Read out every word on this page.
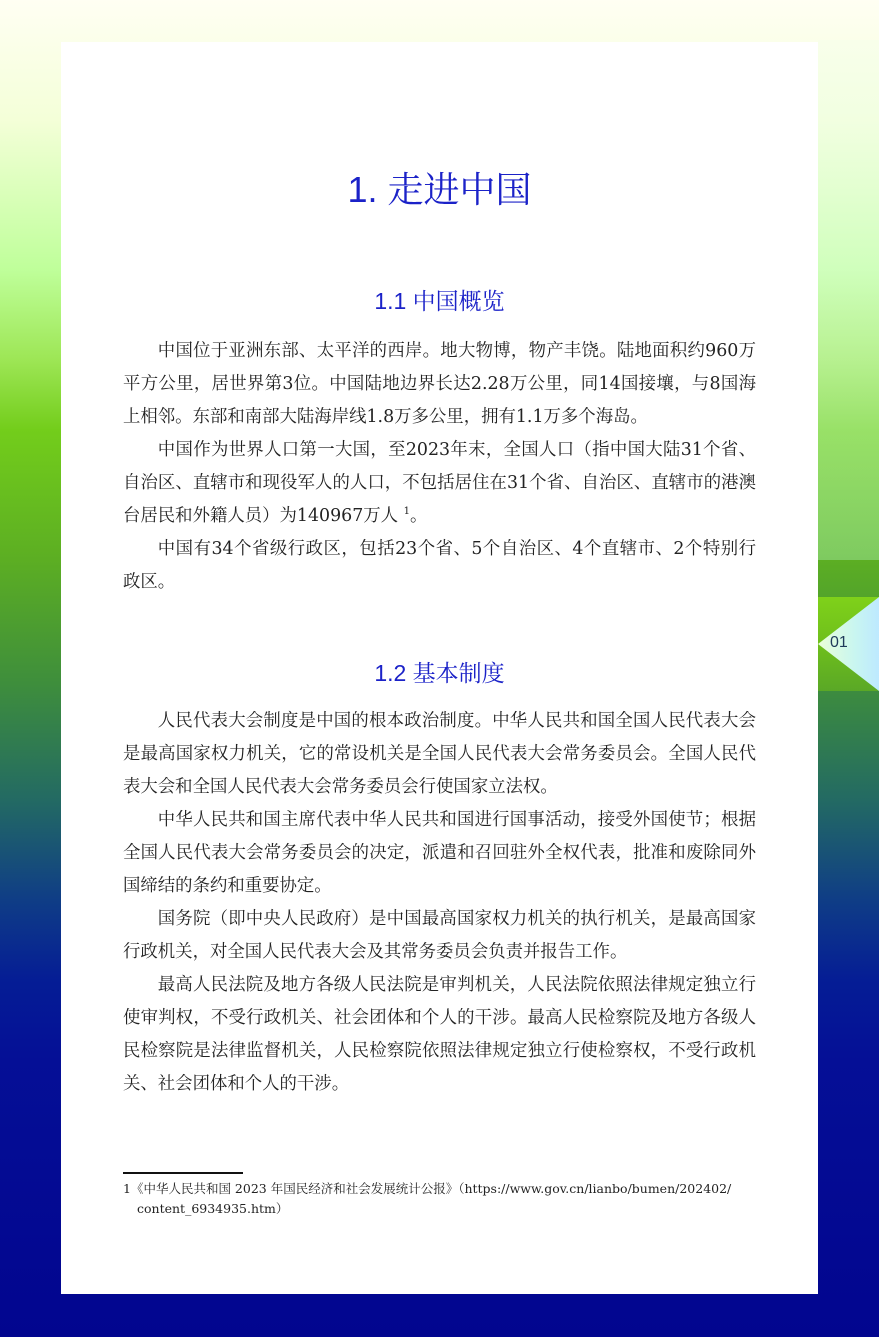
01
1. 走进中国
1.1 中国概览

中国位于亚洲东部、太平洋的西岸。地大物博，物产丰饶。陆地面积约960万平方公里，居世界第3位。中国陆地边界长达2.28万公里，同14国接壤，与8国海上相邻。东部和南部大陆海岸线1.8万多公里，拥有1.1万多个海岛。

中国作为世界人口第一大国，至2023年末，全国人口（指中国大陆31个省、自治区、直辖市和现役军人的人口，不包括居住在31个省、自治区、直辖市的港澳台居民和外籍人员）为140967万人 $^1$。

中国有34个省级行政区，包括23个省、5个自治区、4个直辖市、2个特别行政区。

1.2 基本制度

人民代表大会制度是中国的根本政治制度。中华人民共和国全国人民代表大会是最高国家权力机关，它的常设机关是全国人民代表大会常务委员会。全国人民代表大会和全国人民代表大会常务委员会行使国家立法权。

中华人民共和国主席代表中华人民共和国进行国事活动，接受外国使节；根据全国人民代表大会常务委员会的决定，派遣和召回驻外全权代表，批准和废除同外国缔结的条约和重要协定。

国务院（即中央人民政府）是中国最高国家权力机关的执行机关，是最高国家行政机关，对全国人民代表大会及其常务委员会负责并报告工作。

最高人民法院及地方各级人民法院是审判机关，人民法院依照法律规定独立行使审判权，不受行政机关、社会团体和个人的干涉。最高人民检察院及地方各级人民检察院是法律监督机关，人民检察院依照法律规定独立行使检察权，不受行政机关、社会团体和个人的干涉。

1《中华人民共和国 2023 年国民经济和社会发展统计公报》（https://www.gov.cn/lianbo/bumen/202402/
content_6934935.htm）
